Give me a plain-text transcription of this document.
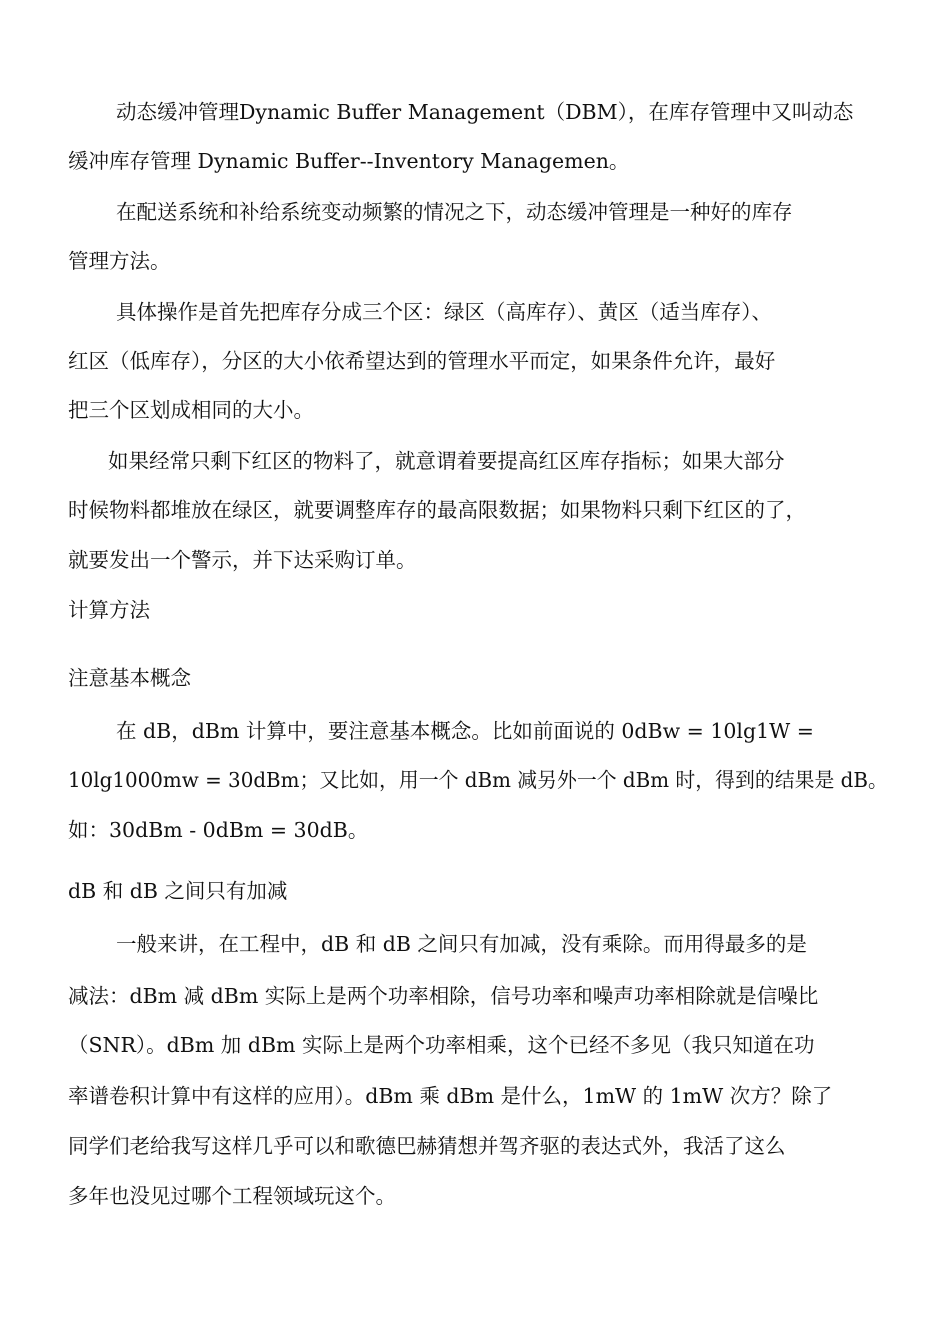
动态缓冲管理Dynamic Buffer Management（DBM），在库存管理中又叫动态
缓冲库存管理 Dynamic Buffer--Inventory Managemen。
在配送系统和补给系统变动频繁的情况之下，动态缓冲管理是一种好的库存
管理方法。
具体操作是首先把库存分成三个区：绿区（高库存）、黄区（适当库存）、
红区（低库存），分区的大小依希望达到的管理水平而定，如果条件允许，最好
把三个区划成相同的大小。
如果经常只剩下红区的物料了，就意谓着要提高红区库存指标；如果大部分
时候物料都堆放在绿区，就要调整库存的最高限数据；如果物料只剩下红区的了，
就要发出一个警示，并下达采购订单。
计算方法
注意基本概念
在 dB，dBm 计算中，要注意基本概念。比如前面说的 0dBw = 10lg1W =
10lg1000mw = 30dBm；又比如，用一个 dBm 减另外一个 dBm 时，得到的结果是 dB。
如：30dBm - 0dBm = 30dB。
dB 和 dB 之间只有加减
一般来讲，在工程中，dB 和 dB 之间只有加减，没有乘除。而用得最多的是
减法：dBm 减 dBm 实际上是两个功率相除，信号功率和噪声功率相除就是信噪比
（SNR）。dBm 加 dBm 实际上是两个功率相乘，这个已经不多见（我只知道在功
率谱卷积计算中有这样的应用）。dBm 乘 dBm 是什么，1mW 的 1mW 次方？除了
同学们老给我写这样几乎可以和歌德巴赫猜想并驾齐驱的表达式外，我活了这么
多年也没见过哪个工程领域玩这个。
